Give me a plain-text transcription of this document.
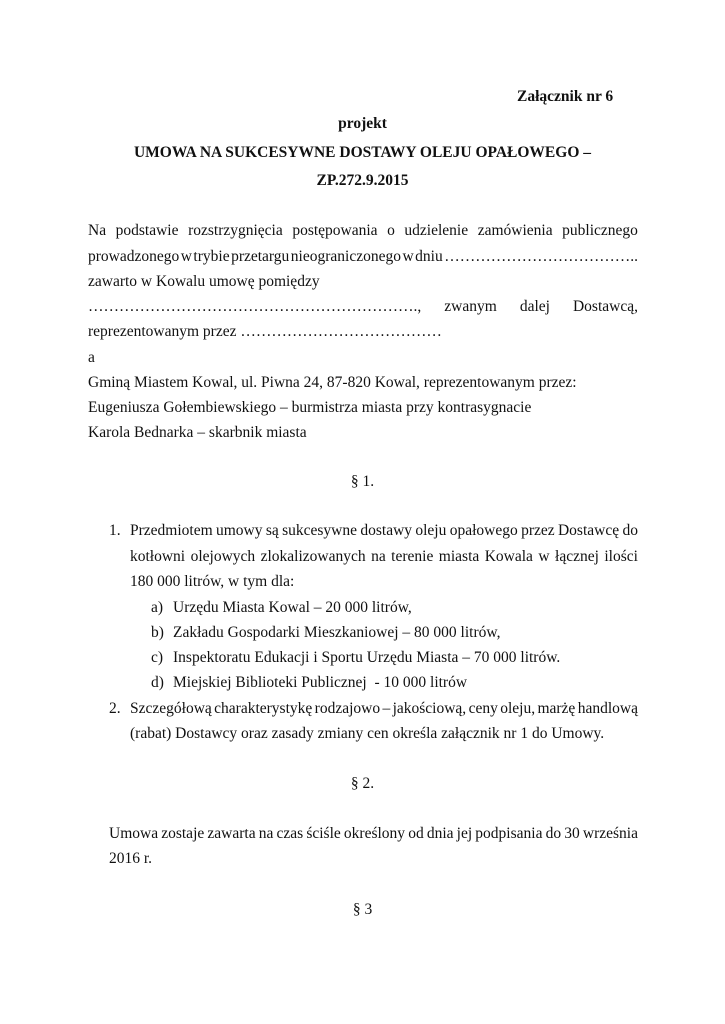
Załącznik nr 6
projekt
UMOWA NA SUKCESYWNE DOSTAWY OLEJU OPAŁOWEGO –
ZP.272.9.2015
Na podstawie rozstrzygnięcia postępowania o udzielenie zamówienia publicznego
prowadzonego w trybie przetargu nieograniczonego w dniu ………………………………..
zawarto w Kowalu umowę pomiędzy
………………………………………………………., zwanym dalej Dostawcą,
reprezentowanym przez …………………………………
a
Gminą Miastem Kowal, ul. Piwna 24, 87-820 Kowal, reprezentowanym przez:
Eugeniusza Gołembiewskiego – burmistrza miasta przy kontrasygnacie
Karola Bednarka – skarbnik miasta
§ 1.
1. Przedmiotem umowy są sukcesywne dostawy oleju opałowego przez Dostawcę do
kotłowni olejowych zlokalizowanych na terenie miasta Kowala w łącznej ilości
180 000 litrów, w tym dla:
a) Urzędu Miasta Kowal – 20 000 litrów,
b) Zakładu Gospodarki Mieszkaniowej – 80 000 litrów,
c) Inspektoratu Edukacji i Sportu Urzędu Miasta – 70 000 litrów.
d) Miejskiej Biblioteki Publicznej  - 10 000 litrów
2. Szczegółową charakterystykę rodzajowo – jakościową, ceny oleju, marżę handlową
(rabat) Dostawcy oraz zasady zmiany cen określa załącznik nr 1 do Umowy.
§ 2.
Umowa zostaje zawarta na czas ściśle określony od dnia jej podpisania do 30 września
2016 r.
§ 3
